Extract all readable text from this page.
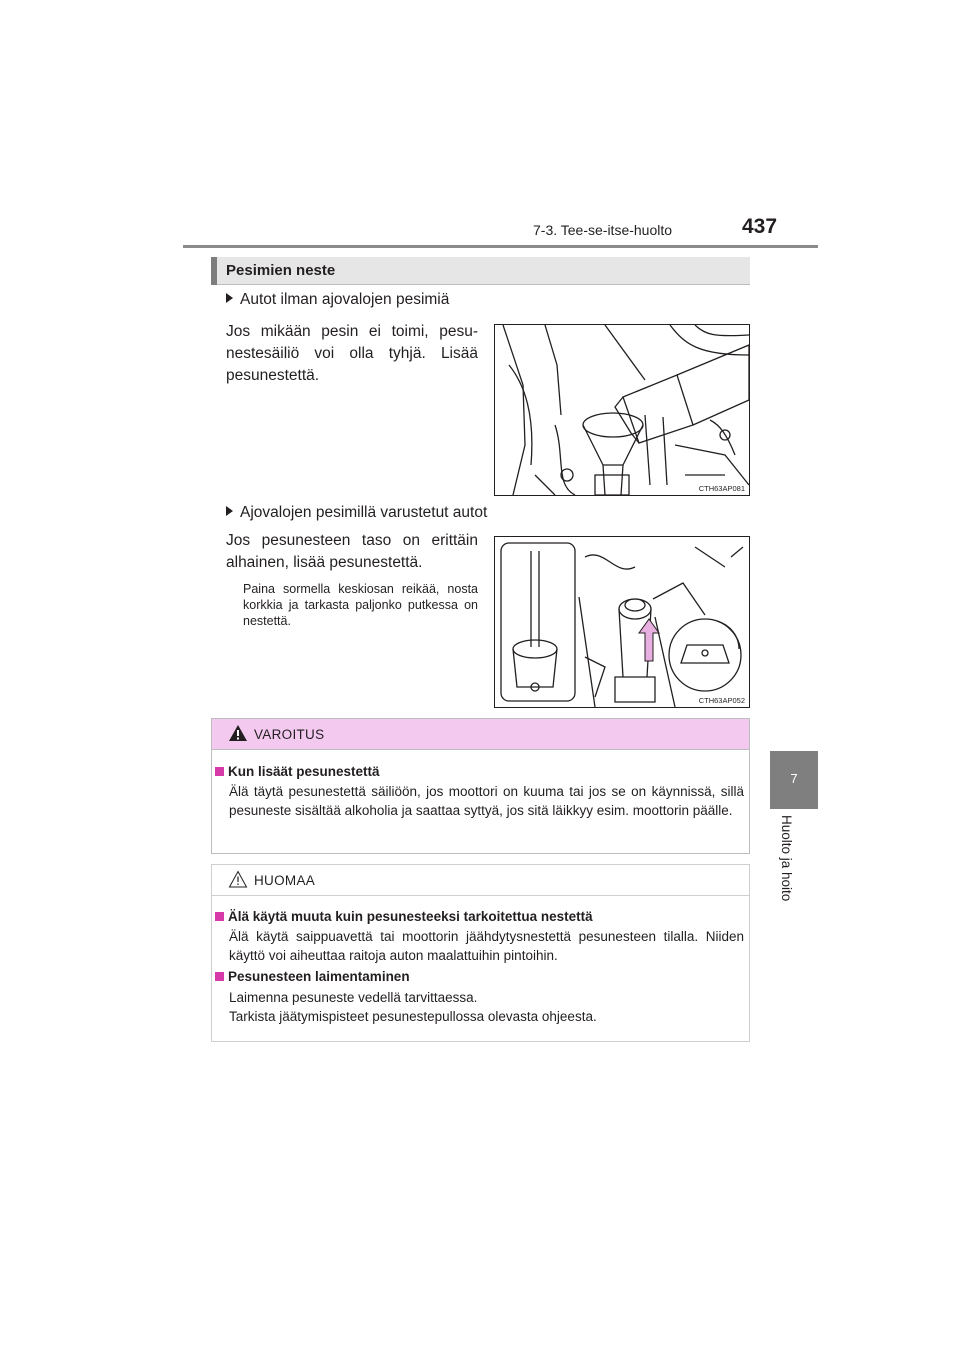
7-3. Tee-se-itse-huolto	437
7
Huolto ja hoito
Pesimien neste
Autot ilman ajovalojen pesimiä
Jos mikään pesin ei toimi, pesunestesäiliö voi olla tyhjä. Lisää pesunestettä.
CTH63AP081
Ajovalojen pesimillä varustetut autot
Jos pesunesteen taso on erittäin alhainen, lisää pesunestettä.
Paina sormella keskiosan reikää, nosta korkkia ja tarkasta paljonko putkessa on nestettä.
CTH63AP052
VAROITUS
Kun lisäät pesunestettä
Älä täytä pesunestettä säiliöön, jos moottori on kuuma tai jos se on käynnissä, sillä pesuneste sisältää alkoholia ja saattaa syttyä, jos sitä läikkyy esim. moottorin päälle.
HUOMAA
Älä käytä muuta kuin pesunesteeksi tarkoitettua nestettä
Älä käytä saippuavettä tai moottorin jäähdytysnestettä pesunesteen tilalla. Niiden käyttö voi aiheuttaa raitoja auton maalattuihin pintoihin.
Pesunesteen laimentaminen
Laimenna pesuneste vedellä tarvittaessa.
Tarkista jäätymispisteet pesunestepullossa olevasta ohjeesta.
